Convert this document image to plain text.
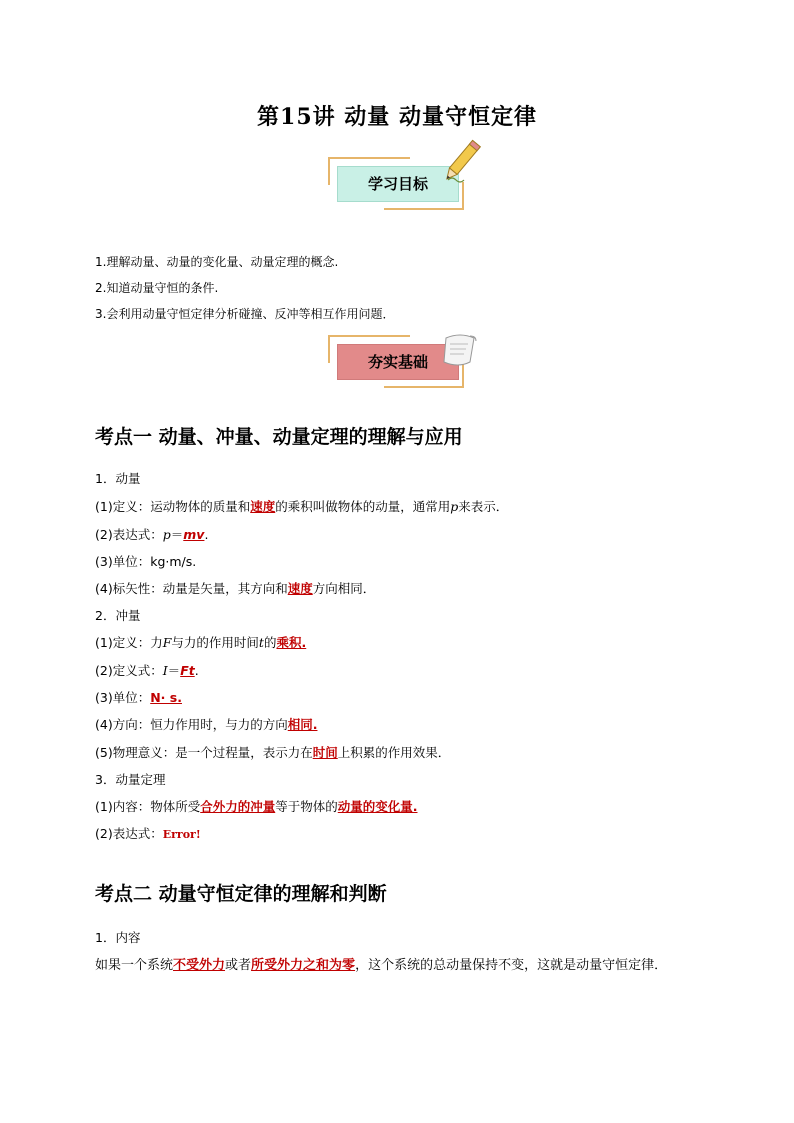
第15讲 动量 动量守恒定律
学习目标
1.理解动量、动量的变化量、动量定理的概念.
2.知道动量守恒的条件.
3.会利用动量守恒定律分析碰撞、反冲等相互作用问题．
夯实基础
考点一 动量、冲量、动量定理的理解与应用
1．动量
(1)定义：运动物体的质量和速度的乘积叫做物体的动量，通常用p来表示．
(2)表达式：p＝mv.
(3)单位：kg·m/s.
(4)标矢性：动量是矢量，其方向和速度方向相同．
2．冲量
(1)定义：力F与力的作用时间t的乘积.
(2)定义式：I＝Ft.
(3)单位：N· s.
(4)方向：恒力作用时，与力的方向相同.
(5)物理意义：是一个过程量，表示力在时间上积累的作用效果．
3．动量定理
(1)内容：物体所受合外力的冲量等于物体的动量的变化量.
(2)表达式：Error!
考点二 动量守恒定律的理解和判断
1．内容
如果一个系统不受外力或者所受外力之和为零，这个系统的总动量保持不变，这就是动量守恒定律．
